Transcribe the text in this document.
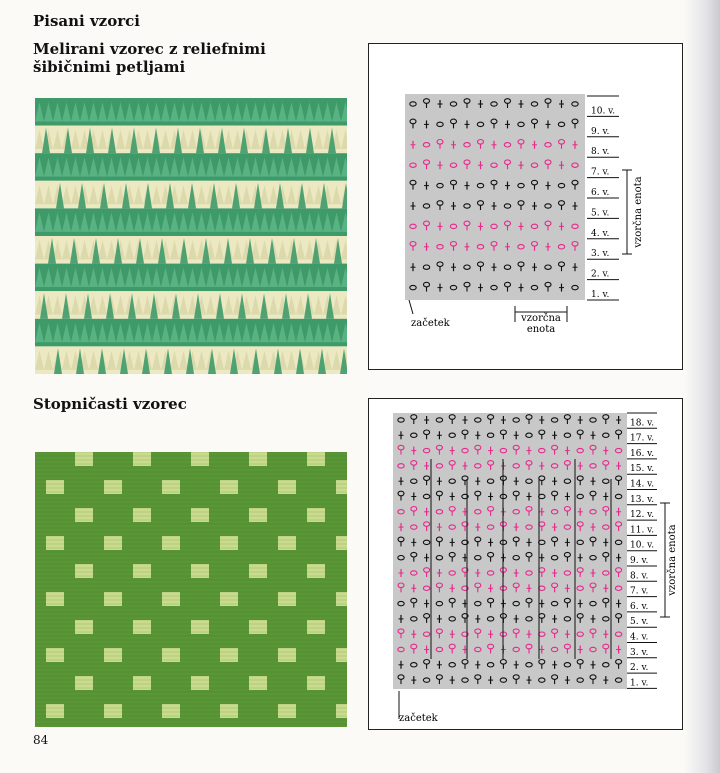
Pisani vzorci
Melirani vzorec z reliefnimi šibičnimi petljami
Stopničasti vzorec
84
10. v.
9. v.
8. v.
7. v.
6. v.
5. v.
4. v.
3. v.
2. v.
1. v.
vzorčna enota
vzorčna
enota
začetek
18. v.
17. v.
16. v.
15. v.
14. v.
13. v.
12. v.
11. v.
10. v.
9. v.
8. v.
7. v.
6. v.
5. v.
4. v.
3. v.
2. v.
1. v.
vzorčna enota
začetek
